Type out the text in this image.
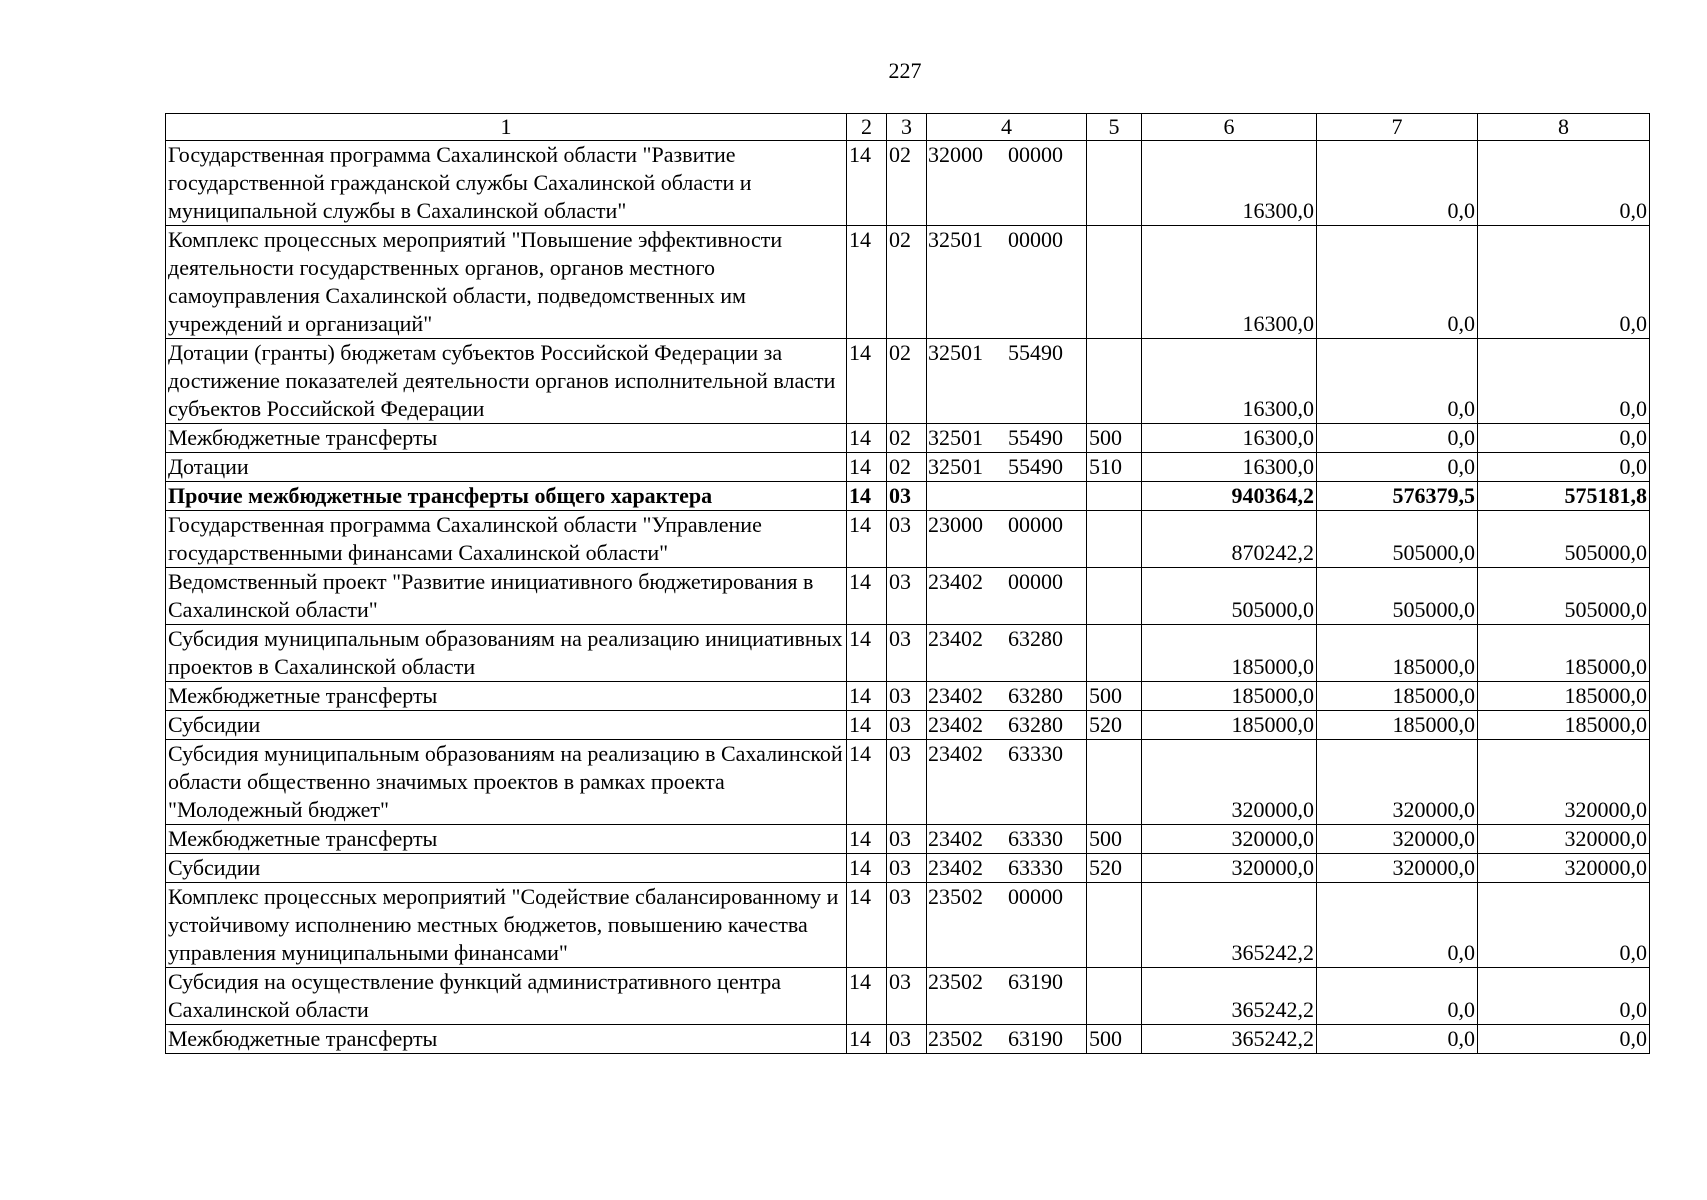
227
1	2	3	4	5	6	7	8
Государственная программа Сахалинской области "Развитие государственной гражданской службы Сахалинской области и муниципальной службы в Сахалинской области"	14	02	32000 00000		16300,0	0,0	0,0
Комплекс процессных мероприятий "Повышение эффективности деятельности государственных органов, органов местного самоуправления Сахалинской области, подведомственных им учреждений и организаций"	14	02	32501 00000		16300,0	0,0	0,0
Дотации (гранты) бюджетам субъектов Российской Федерации за достижение показателей деятельности органов исполнительной власти субъектов Российской Федерации	14	02	32501 55490		16300,0	0,0	0,0
Межбюджетные трансферты	14	02	32501 55490	500	16300,0	0,0	0,0
Дотации	14	02	32501 55490	510	16300,0	0,0	0,0
Прочие межбюджетные трансферты общего характера	14	03			940364,2	576379,5	575181,8
Государственная программа Сахалинской области "Управление государственными финансами Сахалинской области"	14	03	23000 00000		870242,2	505000,0	505000,0
Ведомственный проект "Развитие инициативного бюджетирования в Сахалинской области"	14	03	23402 00000		505000,0	505000,0	505000,0
Субсидия муниципальным образованиям на реализацию инициативных проектов в Сахалинской области	14	03	23402 63280		185000,0	185000,0	185000,0
Межбюджетные трансферты	14	03	23402 63280	500	185000,0	185000,0	185000,0
Субсидии	14	03	23402 63280	520	185000,0	185000,0	185000,0
Субсидия муниципальным образованиям на реализацию в Сахалинской области общественно значимых проектов в рамках проекта "Молодежный бюджет"	14	03	23402 63330		320000,0	320000,0	320000,0
Межбюджетные трансферты	14	03	23402 63330	500	320000,0	320000,0	320000,0
Субсидии	14	03	23402 63330	520	320000,0	320000,0	320000,0
Комплекс процессных мероприятий "Содействие сбалансированному и устойчивому исполнению местных бюджетов, повышению качества управления муниципальными финансами"	14	03	23502 00000		365242,2	0,0	0,0
Субсидия на осуществление функций административного центра Сахалинской области	14	03	23502 63190		365242,2	0,0	0,0
Межбюджетные трансферты	14	03	23502 63190	500	365242,2	0,0	0,0
